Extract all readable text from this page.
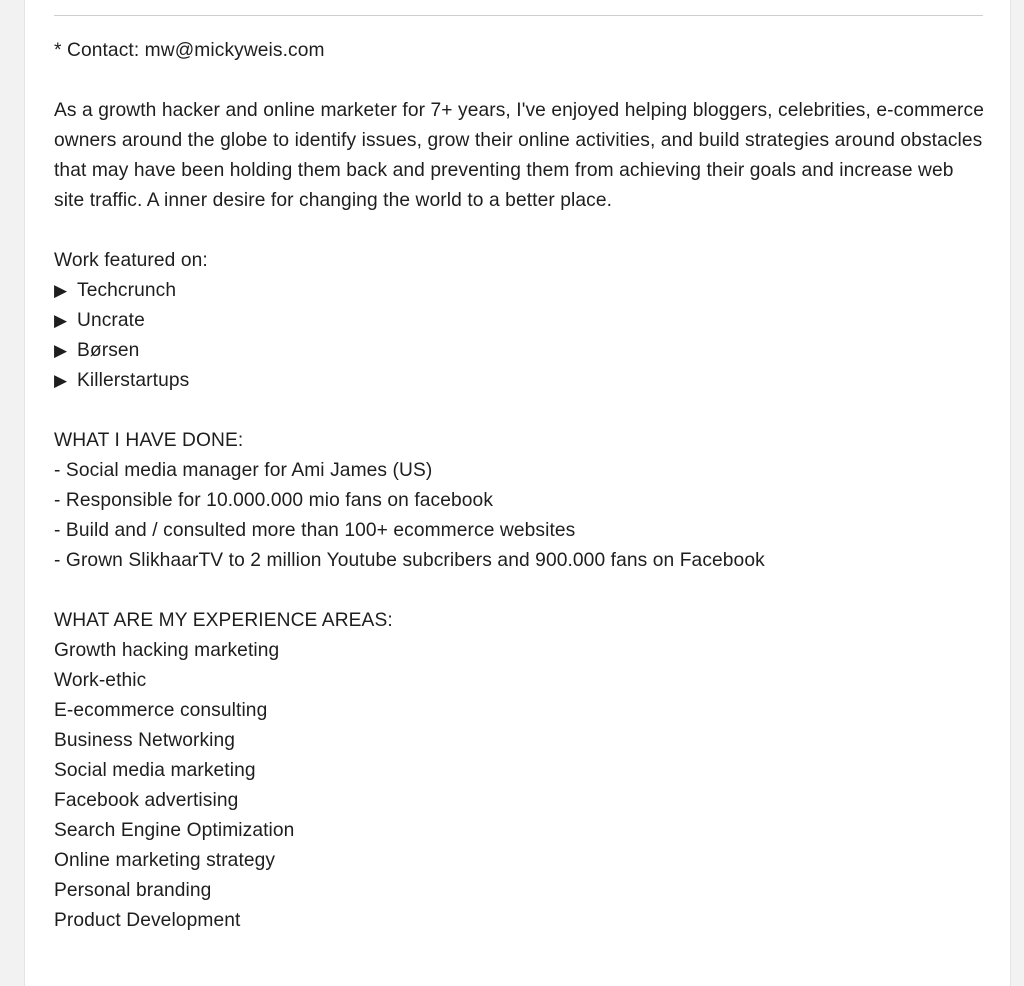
* Contact: mw@mickyweis.com
As a growth hacker and online marketer for 7+ years, I've enjoyed helping bloggers, celebrities, e-commerce owners around the globe to identify issues, grow their online activities, and build strategies around obstacles that may have been holding them back and preventing them from achieving their goals and increase web site traffic. A inner desire for changing the world to a better place.
Work featured on:
▶Techcrunch
▶Uncrate
▶Børsen
▶Killerstartups
WHAT I HAVE DONE:
- Social media manager for Ami James (US)
- Responsible for 10.000.000 mio fans on facebook
- Build and / consulted more than 100+ ecommerce websites
- Grown SlikhaarTV to 2 million Youtube subcribers and 900.000 fans on Facebook
WHAT ARE MY EXPERIENCE AREAS:
Growth hacking marketing
Work-ethic
E-ecommerce consulting
Business Networking
Social media marketing
Facebook advertising
Search Engine Optimization
Online marketing strategy
Personal branding
Product Development
